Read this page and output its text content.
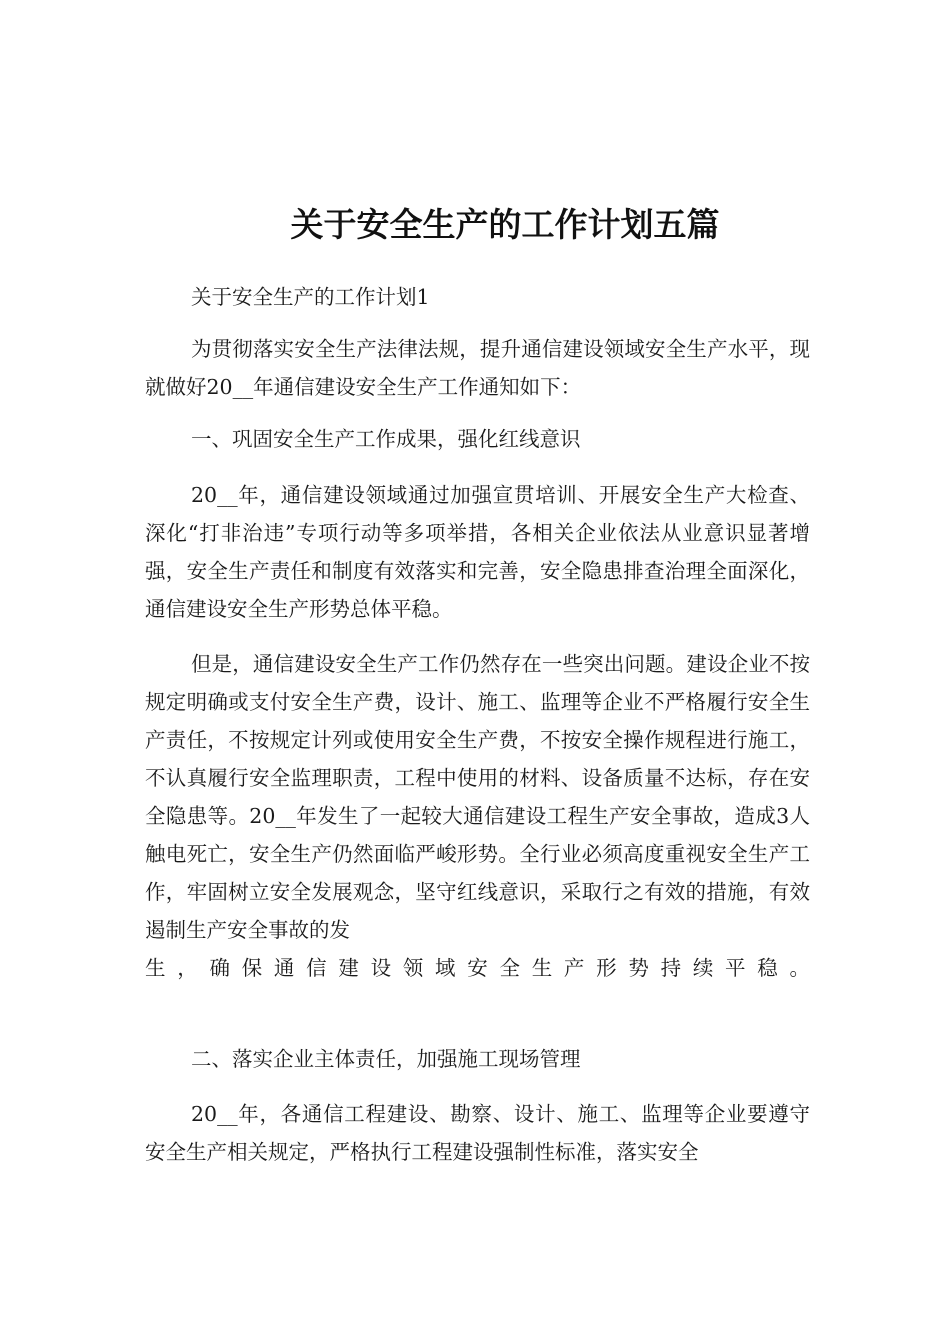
关于安全生产的工作计划五篇

关于安全生产的工作计划1

为贯彻落实安全生产法律法规，提升通信建设领域安全生产水平，现就做好20__年通信建设安全生产工作通知如下：

一、巩固安全生产工作成果，强化红线意识

20__年，通信建设领域通过加强宣贯培训、开展安全生产大检查、深化“打非治违”专项行动等多项举措，各相关企业依法从业意识显著增强，安全生产责任和制度有效落实和完善，安全隐患排查治理全面深化，通信建设安全生产形势总体平稳。

但是，通信建设安全生产工作仍然存在一些突出问题。建设企业不按规定明确或支付安全生产费，设计、施工、监理等企业不严格履行安全生产责任，不按规定计列或使用安全生产费，不按安全操作规程进行施工，不认真履行安全监理职责，工程中使用的材料、设备质量不达标，存在安全隐患等。20__年发生了一起较大通信建设工程生产安全事故，造成3人触电死亡，安全生产仍然面临严峻形势。全行业必须高度重视安全生产工作，牢固树立安全发展观念，坚守红线意识，采取行之有效的措施，有效遏制生产安全事故的发

生，确保通信建设领域安全生产形势持续平稳。

二、落实企业主体责任，加强施工现场管理

20__年，各通信工程建设、勘察、设计、施工、监理等企业要遵守安全生产相关规定，严格执行工程建设强制性标准，落实安全
